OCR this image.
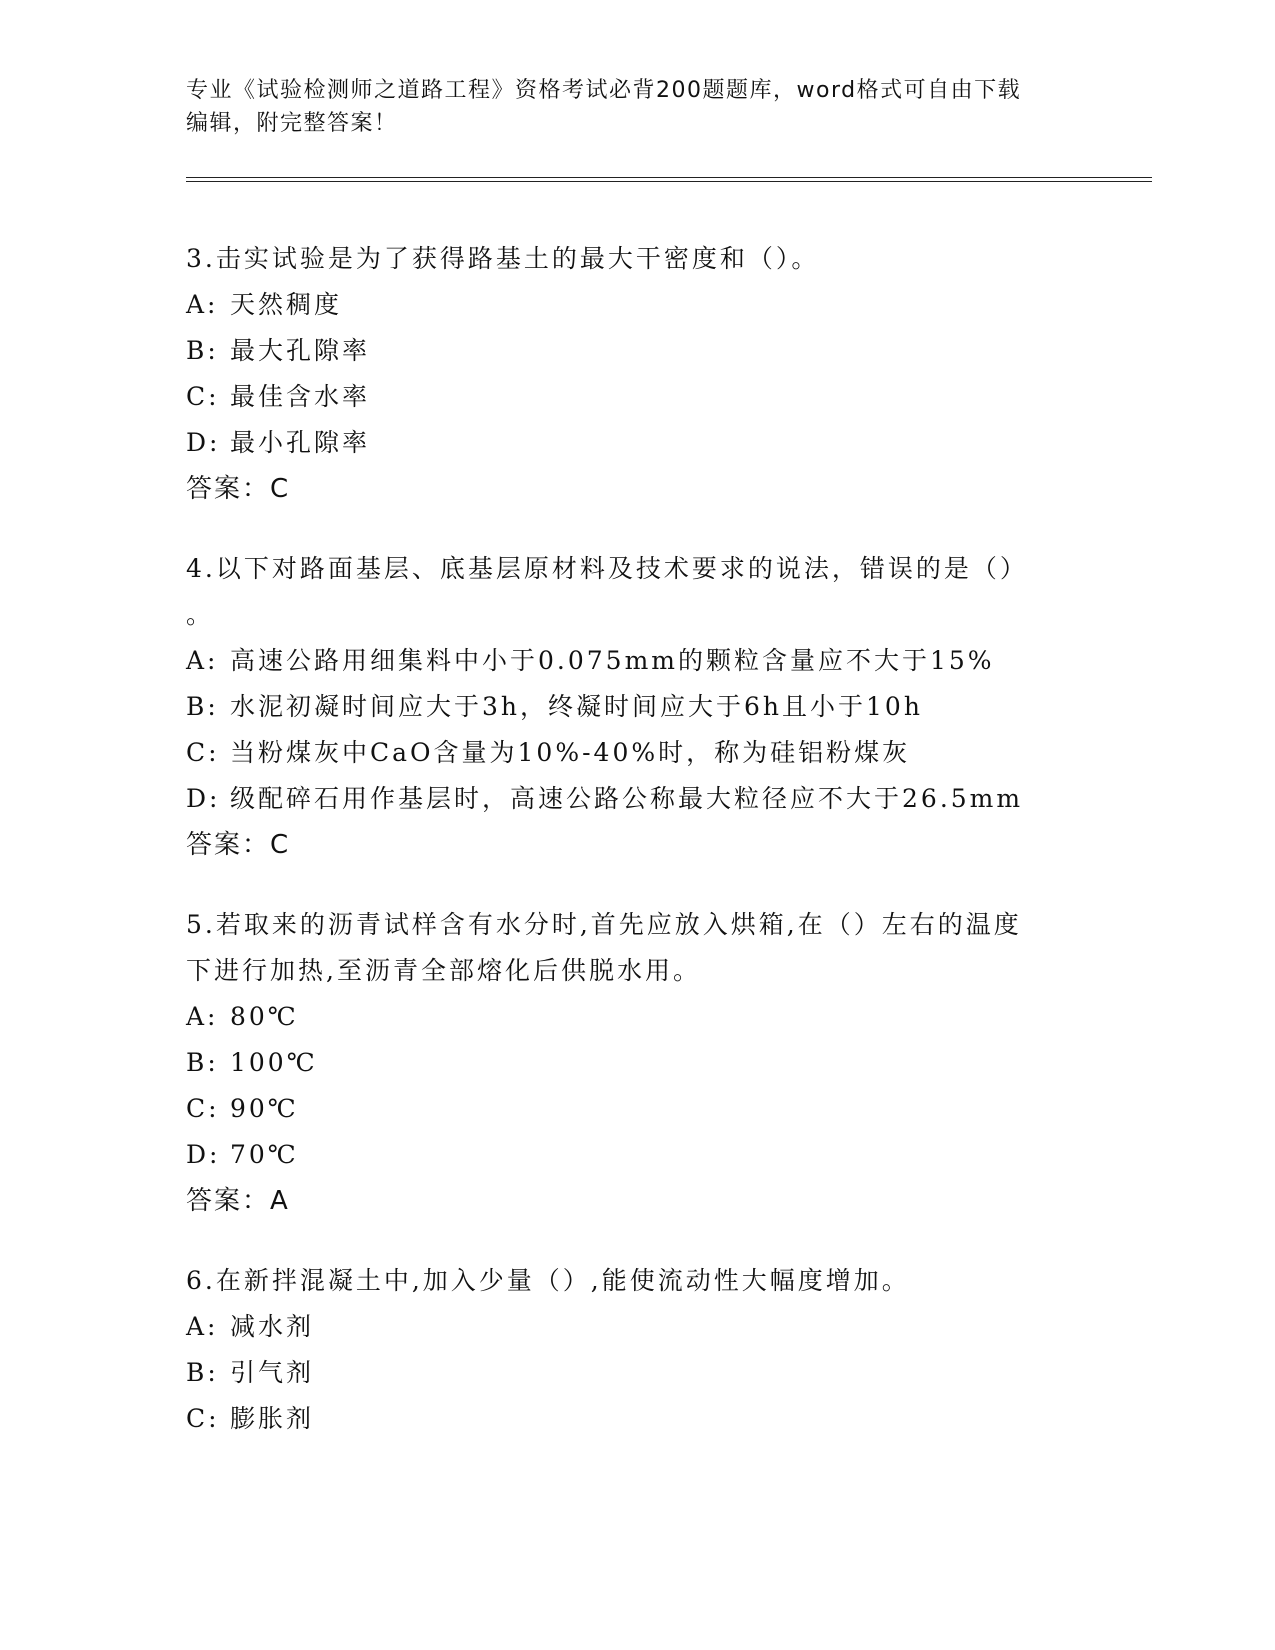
专业《试验检测师之道路工程》资格考试必背200题题库，word格式可自由下载
编辑，附完整答案！
3.击实试验是为了获得路基土的最大干密度和（）。
A: 天然稠度
B: 最大孔隙率
C: 最佳含水率
D: 最小孔隙率
答案：C
4.以下对路面基层、底基层原材料及技术要求的说法，错误的是（）
。
A: 高速公路用细集料中小于0.075mm的颗粒含量应不大于15%
B: 水泥初凝时间应大于3h，终凝时间应大于6h且小于10h
C: 当粉煤灰中CaO含量为10%-40%时，称为硅铝粉煤灰
D: 级配碎石用作基层时，高速公路公称最大粒径应不大于26.5mm
答案：C
5.若取来的沥青试样含有水分时,首先应放入烘箱,在（）左右的温度
下进行加热,至沥青全部熔化后供脱水用。
A: 80℃
B: 100℃
C: 90℃
D: 70℃
答案：A
6.在新拌混凝土中,加入少量（）,能使流动性大幅度增加。
A: 减水剂
B: 引气剂
C: 膨胀剂
